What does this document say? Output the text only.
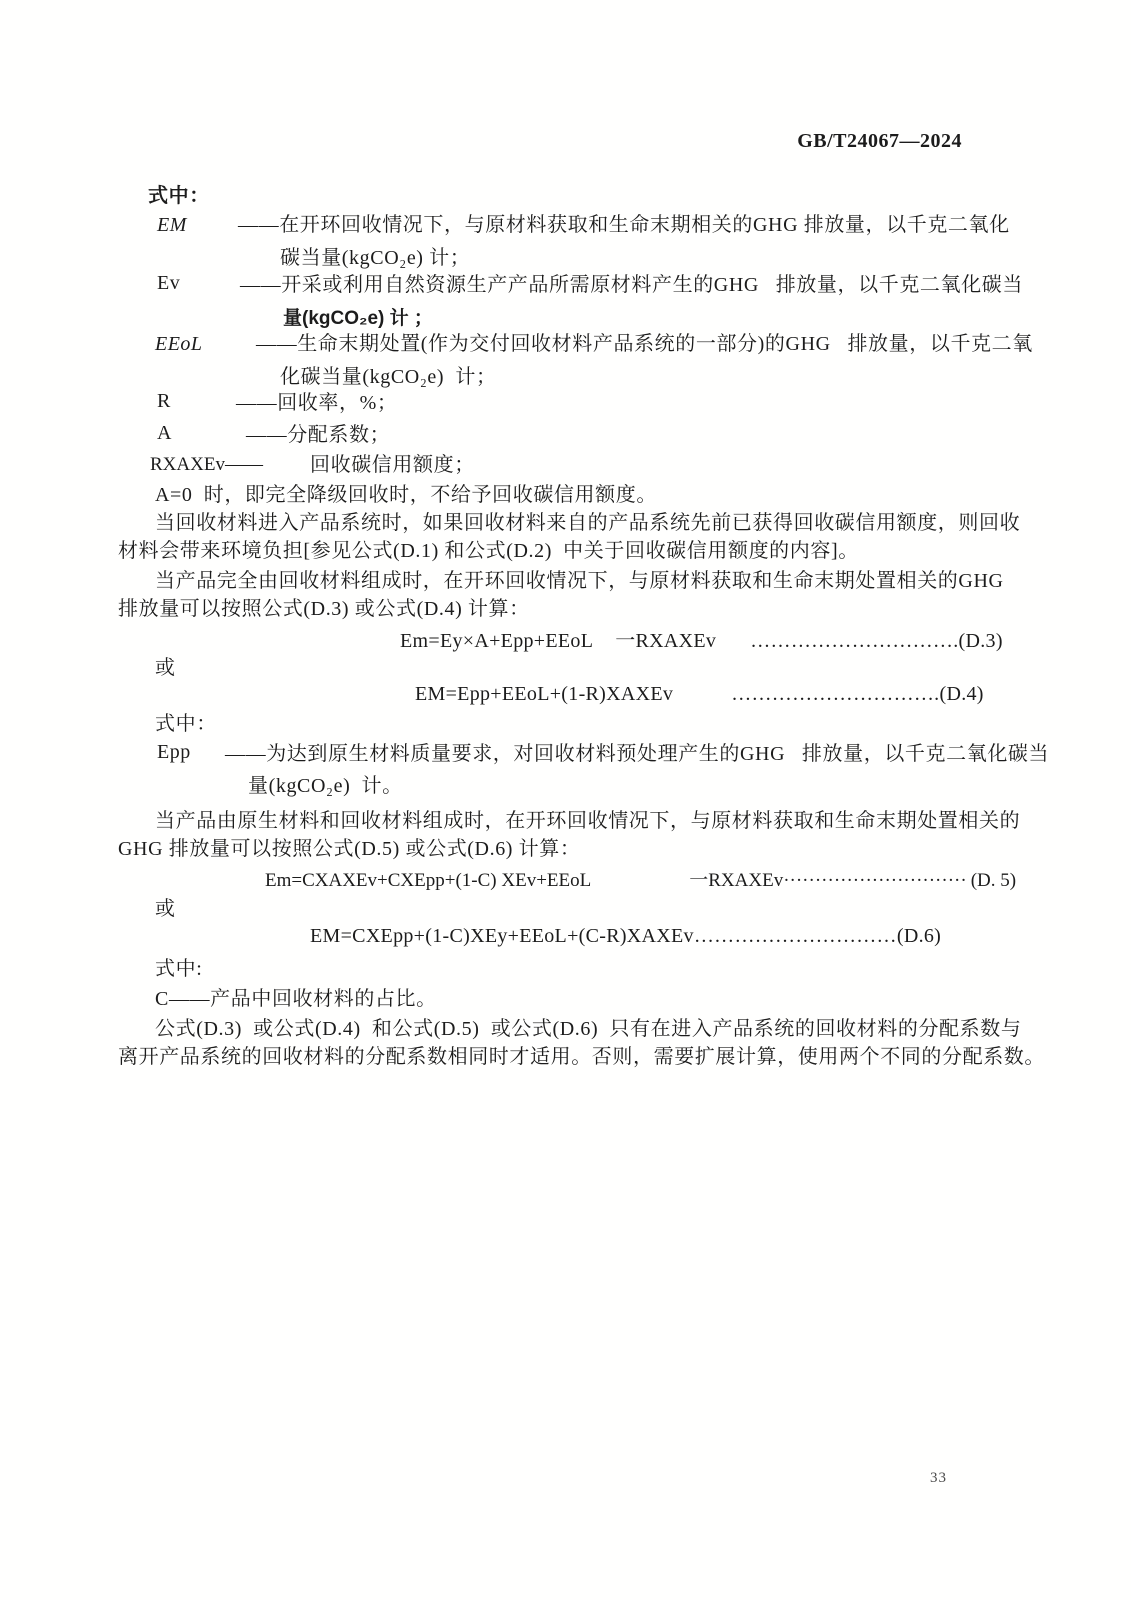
GB/T24067—2024
式中：
EM	——在开环回收情况下，与原材料获取和生命末期相关的GHG 排放量，以千克二氧化
碳当量(kgCO₂e) 计；
Ev	——开采或利用自然资源生产产品所需原材料产生的GHG   排放量，以千克二氧化碳当
量(kgCO₂e) 计 ；
EEoL	——生命末期处置(作为交付回收材料产品系统的一部分)的GHG   排放量，以千克二氧
化碳当量(kgCO₂e)  计；
R	——回收率，%；
A	——分配系数；
RXAXEv—— 回收碳信用额度；
A=0  时，即完全降级回收时，不给予回收碳信用额度。
当回收材料进入产品系统时，如果回收材料来自的产品系统先前已获得回收碳信用额度，则回收
材料会带来环境负担[参见公式(D.1) 和公式(D.2)  中关于回收碳信用额度的内容]。
当产品完全由回收材料组成时，在开环回收情况下，与原材料获取和生命末期处置相关的GHG
排放量可以按照公式(D.3) 或公式(D.4) 计算：
Em=Ey×A+Epp+EEoL 一RXAXEv …………………………. (D.3)
或
EM=Epp+EEoL+(1-R)XAXEv	…………………………. (D.4)
式中：
Epp ——为达到原生材料质量要求，对回收材料预处理产生的GHG   排放量，以千克二氧化碳当
量(kgCO₂e)  计。
当产品由原生材料和回收材料组成时，在开环回收情况下，与原材料获取和生命末期处置相关的
GHG 排放量可以按照公式(D.5) 或公式(D.6) 计算：
Em=CXAXEv+CXEpp+(1-C) XEv+EEoL	一RXAXEv ····························· (D. 5)
或
EM=CXEpp+(1-C)XEy+EEoL+(C-R)XAXEv ………………………… (D.6)
式中:
C——产品中回收材料的占比。
公式(D.3)  或公式(D.4)  和公式(D.5)  或公式(D.6)  只有在进入产品系统的回收材料的分配系数与
离开产品系统的回收材料的分配系数相同时才适用。否则，需要扩展计算，使用两个不同的分配系数。
33
